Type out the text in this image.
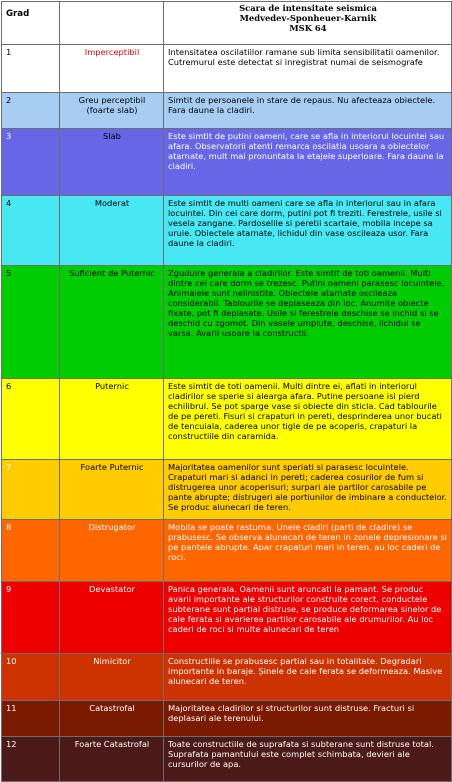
Grad		Scara de intensitate seismica
Medvedev-Sponheuer-Karnik
MSK 64

1	Imperceptibil	Intensitatea oscilatiilor ramane sub limita sensibilitatii oamenilor. Cutremurul este detectat si inregistrat numai de seismografe
2	Greu perceptibil (foarte slab)	Simtit de persoanele in stare de repaus. Nu afecteaza obiectele. Fara daune la cladiri.
3	Slab	Este simtit de putini oameni, care se afla in interiorul locuintei sau afara. Observatorii atenti remarca oscilatia usoara a obiectelor atarnate, mult mai pronuntata la etajele superioare. Fara daune la cladiri.
4	Moderat	Este simtit de multi oameni care se afla in interiorul sau in afara locuintei. Din cei care dorm, putini pot fi treziti. Ferestrele, usile si vesela zangane. Pardoselile si peretii scartaie, mobila incepe sa uruie. Obiectele atarnate, lichidul din vase oscileaza usor. Fara daune la cladiri.
5	Suficient de Puternic	Zguduire generala a cladirilor. Este simtit de toti oamenii. Multi dintre cei care dorm se trezesc. Putini oameni parasesc locuintele. Animalele sunt nelinistite. Obiectele atarnate oscileaza considerabil. Tablourile se deplaseaza din loc. Anumite obiecte fixate, pot fi deplasate. Usile si ferestrele deschise se inchid si se deschid cu zgomot. Din vasele umplute, deschise, lichidul se varsa. Avarii usoare la constructii.
6	Puternic	Este simtit de toti oamenii. Multi dintre ei, aflati in interiorul cladirilor se sperie si alearga afara. Putine persoane isi pierd echilibrul. Se pot sparge vase si obiecte din sticla. Cad tablourile de pe pereti. Fisuri si crapaturi in pereti, desprinderea unor bucati de tencuiala, caderea unor tigle de pe acoperis, crapaturi la constructiile din caramida.
7	Foarte Puternic	Majoritatea oamenilor sunt speriati si parasesc locuintele. Crapaturi mari si adanci in pereti; caderea cosurilor de fum si distrugerea unor acoperisuri; surpari ale partilor carosabile pe pante abrupte; distrugeri ale portiunilor de imbinare a conductelor. Se produc alunecari de teren.
8	Distrugator	Mobila se poate rasturna. Unele cladiri (parti de cladire) se prabusesc. Se observa alunecari de teren in zonele depresionare si pe pantele abrupte. Apar crapaturi mari in teren, au loc caderi de roci.
9	Devastator	Panica generala. Oamenii sunt aruncati la pamant. Se produc avarii importante ale structurilor construite corect, conductele subterane sunt partial distruse, se produce deformarea sinelor de cale ferata si avarierea partilor carosabile ale drumurilor. Au loc caderi de roci si multe alunecari de teren
10	Nimicitor	Constructiile se prabusesc partial sau in totalitate. Degradari importante in baraje. Șinele de cale ferata se deformeaza. Masive alunecari de teren.
11	Catastrofal	Majoritatea cladirilor si structurilor sunt distruse. Fracturi si deplasari ale terenului.
12	Foarte Catastrofal	Toate constructiile de suprafata si subterane sunt distruse total. Suprafata pamantului este complet schimbata, devieri ale cursurilor de apa.
